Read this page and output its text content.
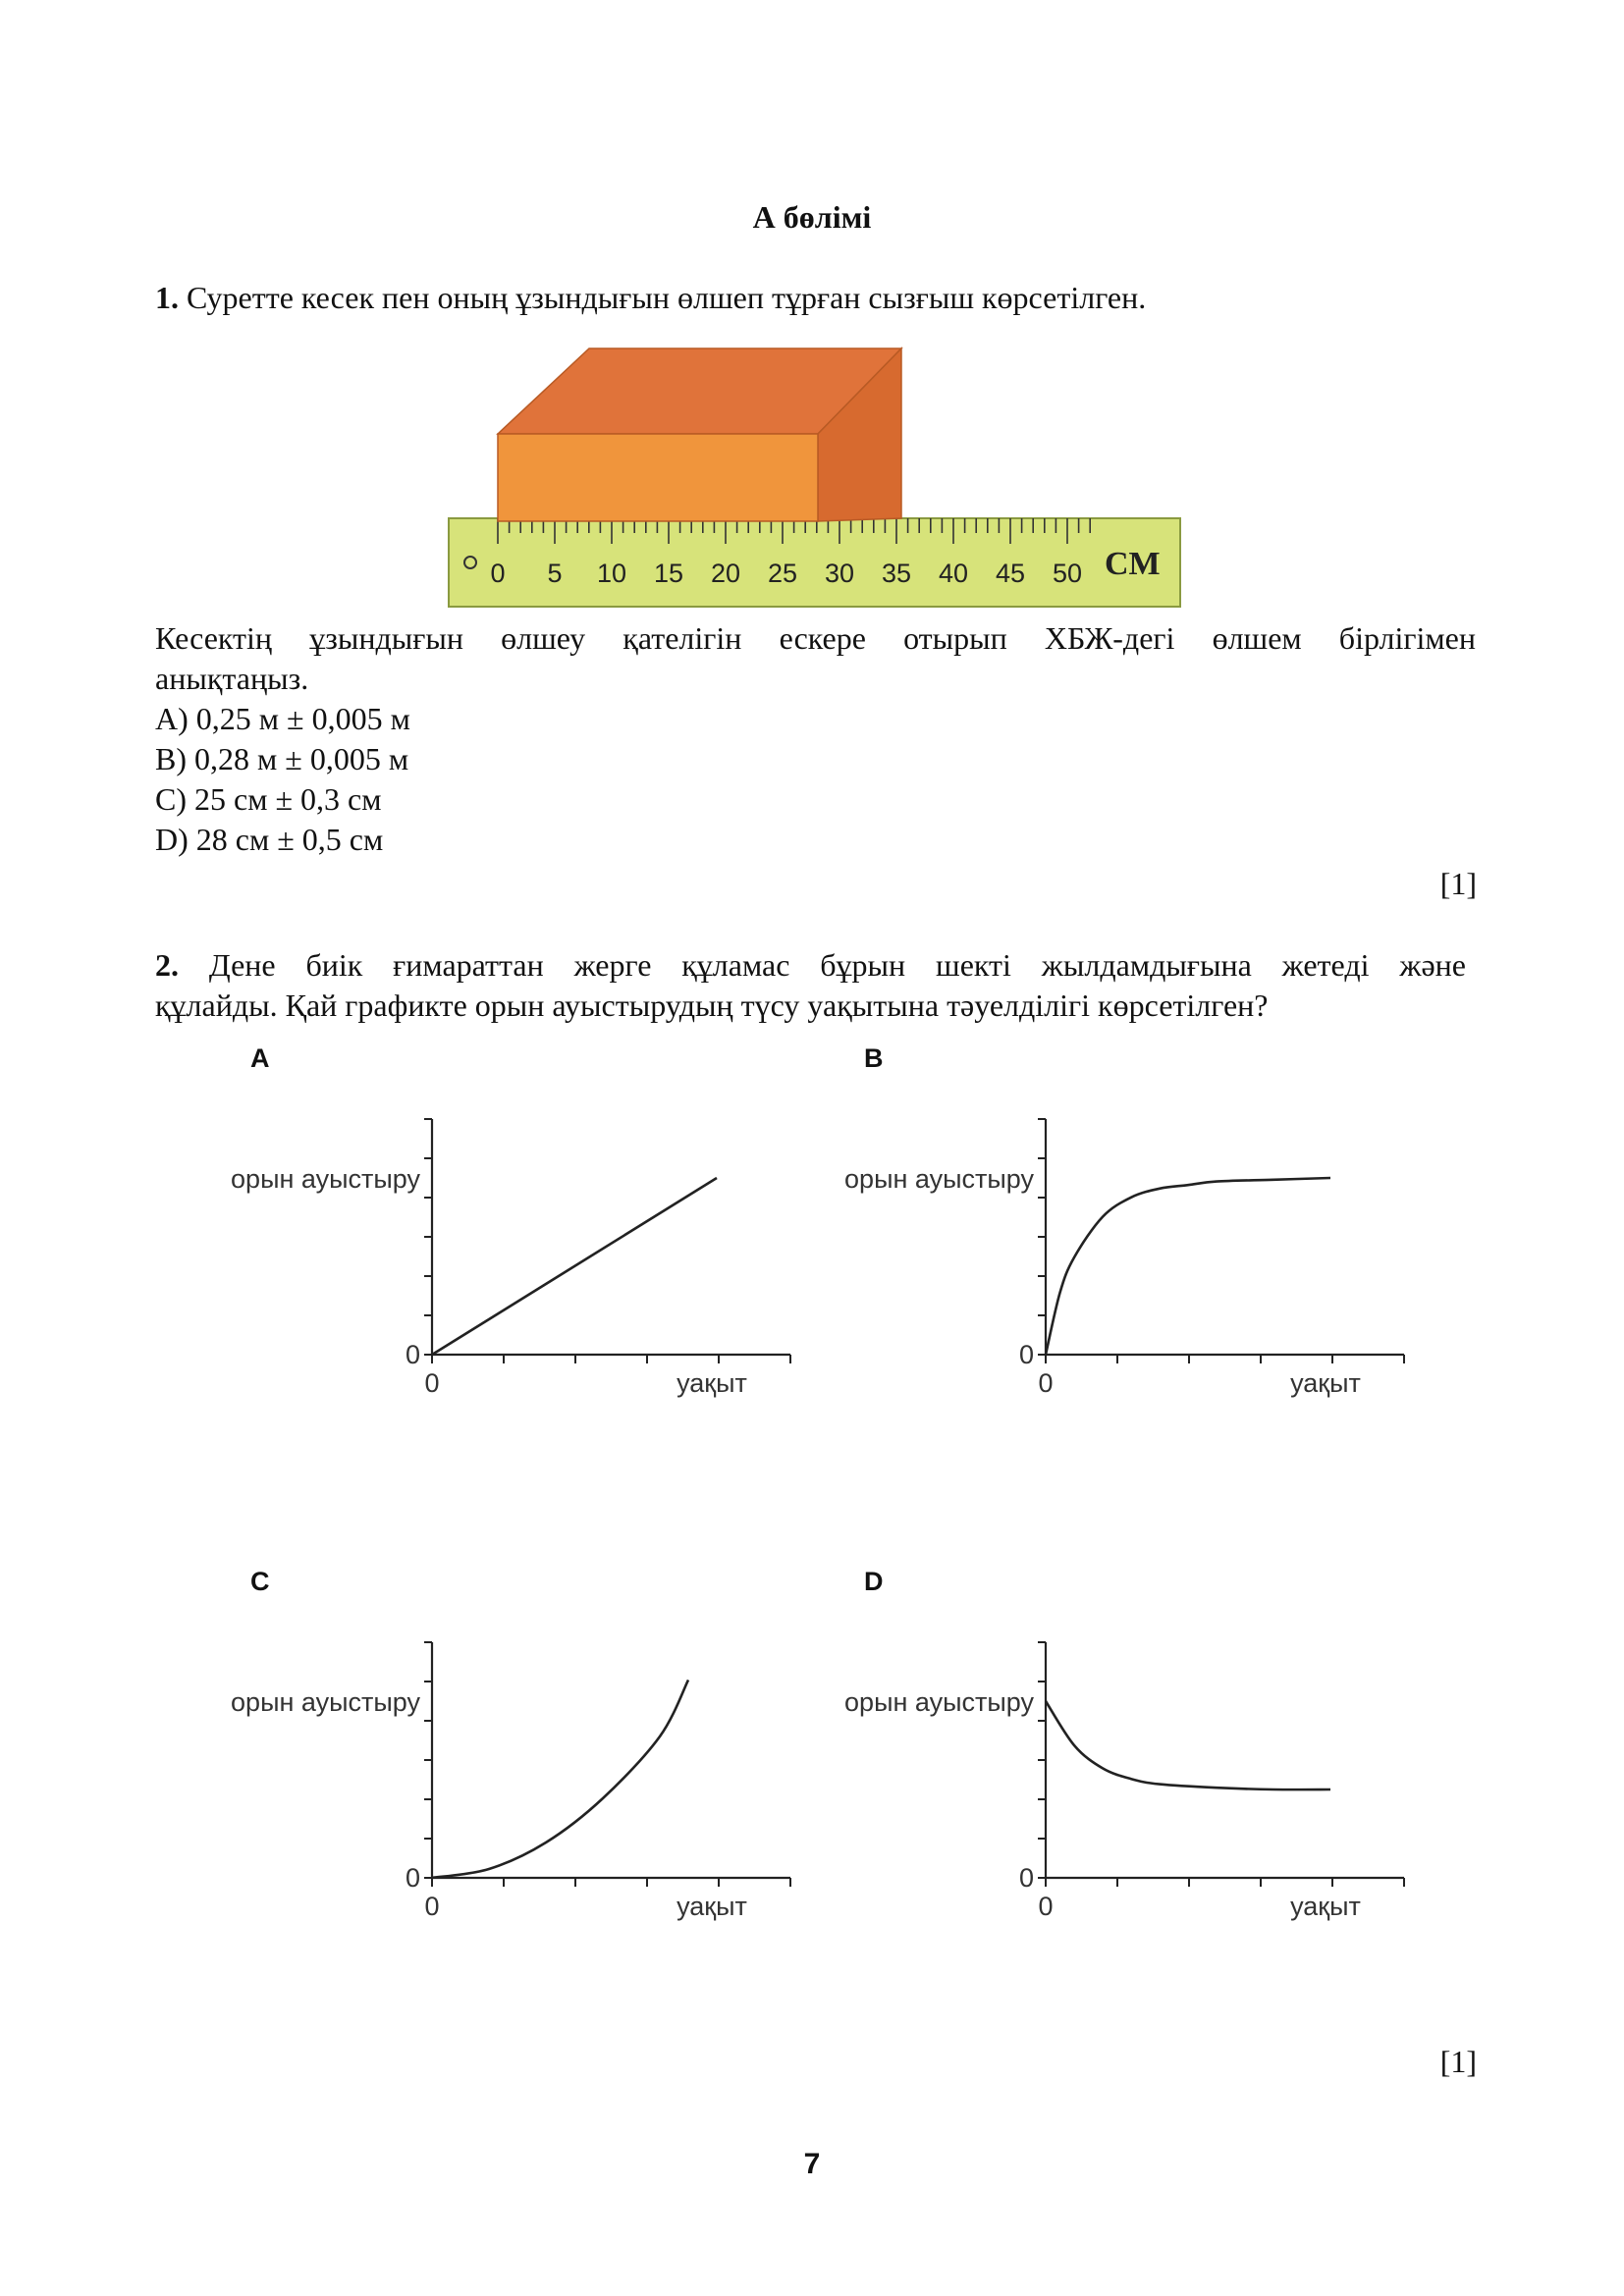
А бөлімі
1. Суретте кесек пен оның ұзындығын өлшеп тұрған сызғыш көрсетілген.
0 5 10 15 20 25 30 35 40 45 50 СМ
Кесектің ұзындығын өлшеу қателігін ескере отырып ХБЖ-дегі өлшем бірлігімен
анықтаңыз.
A) 0,25 м ± 0,005 м
B) 0,28 м ± 0,005 м
C) 25 см ± 0,3 см
D) 28 см ± 0,5 см
[1]
2. Дене биік ғимараттан жерге құламас бұрын шекті жылдамдығына жетеді және
құлайды. Қай графикте орын ауыстырудың түсу уақытына тәуелділігі көрсетілген?
A	B
C	D
орын ауыстыру
0
0	уақыт
орын ауыстыру
0
0	уақыт
орын ауыстыру
0
0	уақыт
орын ауыстыру
0
0	уақыт
[1]
7
